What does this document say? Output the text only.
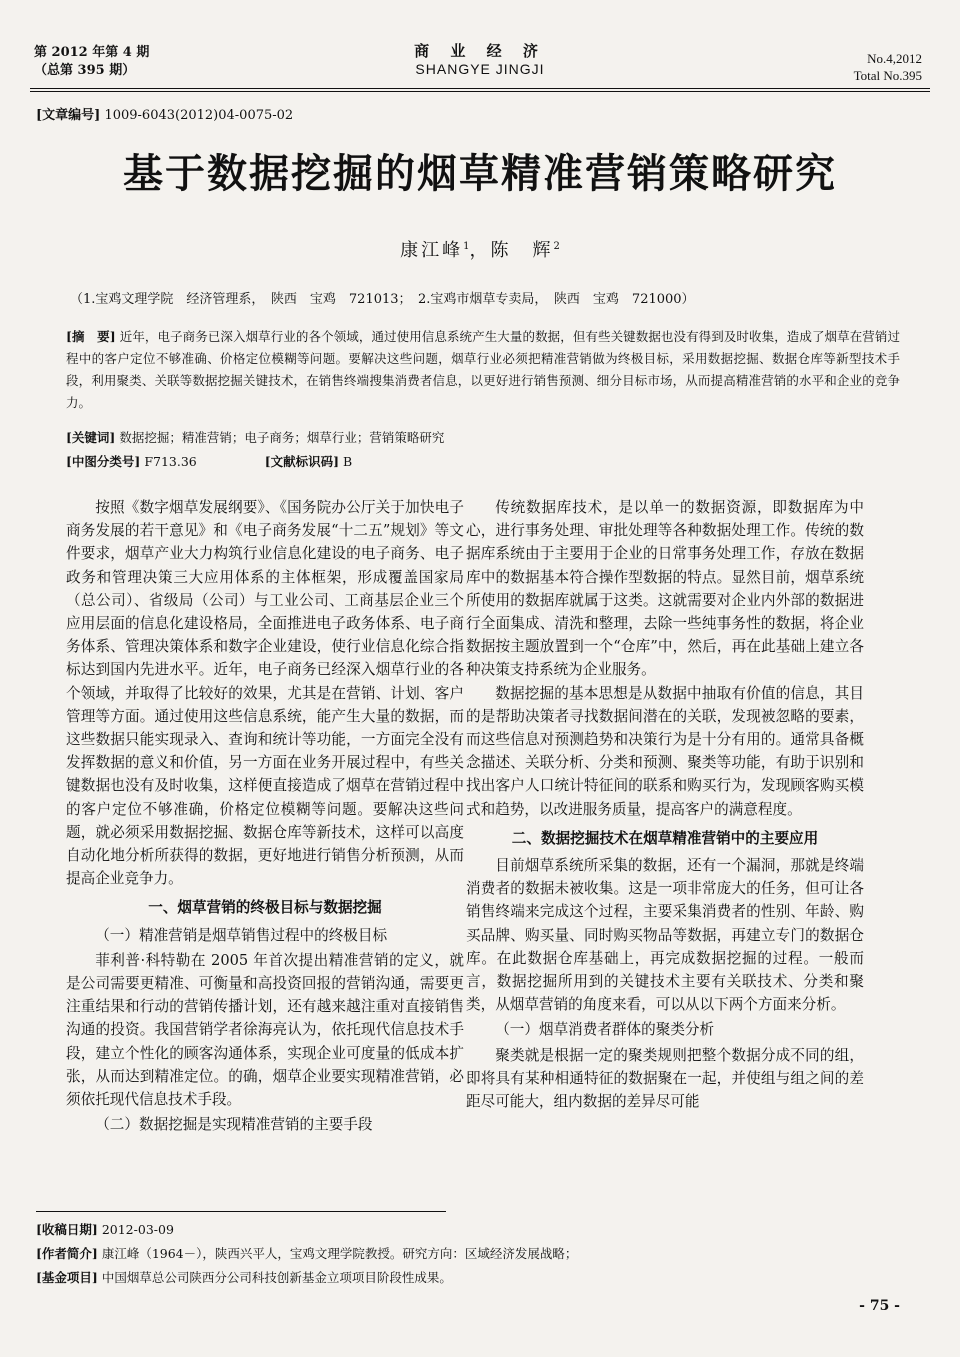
第 2012 年第 4 期
（总第 395 期）
商 业 经 济
SHANGYE JINGJI
No.4,2012
Total No.395
[文章编号] 1009-6043(2012)04-0075-02
基于数据挖掘的烟草精准营销策略研究
康江峰$^1$，陈　辉$^2$
（1.宝鸡文理学院　经济管理系，　陕西　宝鸡　721013；　2.宝鸡市烟草专卖局，　陕西　宝鸡　721000）
[摘　要] 近年，电子商务已深入烟草行业的各个领域，通过使用信息系统产生大量的数据，但有些关键数据也没有得到及时收集，造成了烟草在营销过程中的客户定位不够准确、价格定位模糊等问题。要解决这些问题，烟草行业必须把精准营销做为终极目标，采用数据挖掘、数据仓库等新型技术手段，利用聚类、关联等数据挖掘关键技术，在销售终端搜集消费者信息，以更好进行销售预测、细分目标市场，从而提高精准营销的水平和企业的竞争力。
[关键词] 数据挖掘；精准营销；电子商务；烟草行业；营销策略研究
[中图分类号] F713.36	[文献标识码] B

按照《数字烟草发展纲要》、《国务院办公厅关于加快电子商务发展的若干意见》和《电子商务发展“十二五”规划》等文件要求，烟草产业大力构筑行业信息化建设的电子商务、电子政务和管理决策三大应用体系的主体框架，形成覆盖国家局（总公司）、省级局（公司）与工业公司、工商基层企业三个应用层面的信息化建设格局，全面推进电子政务体系、电子商务体系、管理决策体系和数字企业建设，使行业信息化综合指标达到国内先进水平。近年，电子商务已经深入烟草行业的各个领域，并取得了比较好的效果，尤其是在营销、计划、客户管理等方面。通过使用这些信息系统，能产生大量的数据，而这些数据只能实现录入、查询和统计等功能，一方面完全没有发挥数据的意义和价值，另一方面在业务开展过程中，有些关键数据也没有及时收集，这样便直接造成了烟草在营销过程中的客户定位不够准确，价格定位模糊等问题。要解决这些问题，就必须采用数据挖掘、数据仓库等新技术，这样可以高度自动化地分析所获得的数据，更好地进行销售分析预测，从而提高企业竞争力。

一、烟草营销的终极目标与数据挖掘
（一）精准营销是烟草销售过程中的终极目标

菲利普·科特勒在 2005 年首次提出精准营销的定义，就是公司需要更精准、可衡量和高投资回报的营销沟通，需要更注重结果和行动的营销传播计划，还有越来越注重对直接销售沟通的投资。我国营销学者徐海亮认为，依托现代信息技术手段，建立个性化的顾客沟通体系，实现企业可度量的低成本扩张，从而达到精准定位。的确，烟草企业要实现精准营销，必须依托现代信息技术手段。

（二）数据挖掘是实现精准营销的主要手段

传统数据库技术，是以单一的数据资源，即数据库为中心，进行事务处理、审批处理等各种数据处理工作。传统的数据库系统由于主要用于企业的日常事务处理工作，存放在数据库中的数据基本符合操作型数据的特点。显然目前，烟草系统所使用的数据库就属于这类。这就需要对企业内外部的数据进行全面集成、清洗和整理，去除一些纯事务性的数据，将企业数据按主题放置到一个“仓库”中，然后，再在此基础上建立各种决策支持系统为企业服务。

数据挖掘的基本思想是从数据中抽取有价值的信息，其目的是帮助决策者寻找数据间潜在的关联，发现被忽略的要素，而这些信息对预测趋势和决策行为是十分有用的。通常具备概念描述、关联分析、分类和预测、聚类等功能，有助于识别和找出客户人口统计特征间的联系和购买行为，发现顾客购买模式和趋势，以改进服务质量，提高客户的满意程度。

二、数据挖掘技术在烟草精准营销中的主要应用

目前烟草系统所采集的数据，还有一个漏洞，那就是终端消费者的数据未被收集。这是一项非常庞大的任务，但可让各销售终端来完成这个过程，主要采集消费者的性别、年龄、购买品牌、购买量、同时购买物品等数据，再建立专门的数据仓库。在此数据仓库基础上，再完成数据挖掘的过程。一般而言，数据挖掘所用到的关键技术主要有关联技术、分类和聚类，从烟草营销的角度来看，可以从以下两个方面来分析。

（一）烟草消费者群体的聚类分析

聚类就是根据一定的聚类规则把整个数据分成不同的组，即将具有某种相通特征的数据聚在一起，并使组与组之间的差距尽可能大，组内数据的差异尽可能

[收稿日期] 2012-03-09
[作者简介] 康江峰（1964－），陕西兴平人，宝鸡文理学院教授。研究方向：区域经济发展战略；
[基金项目] 中国烟草总公司陕西分公司科技创新基金立项项目阶段性成果。
- 75 -
